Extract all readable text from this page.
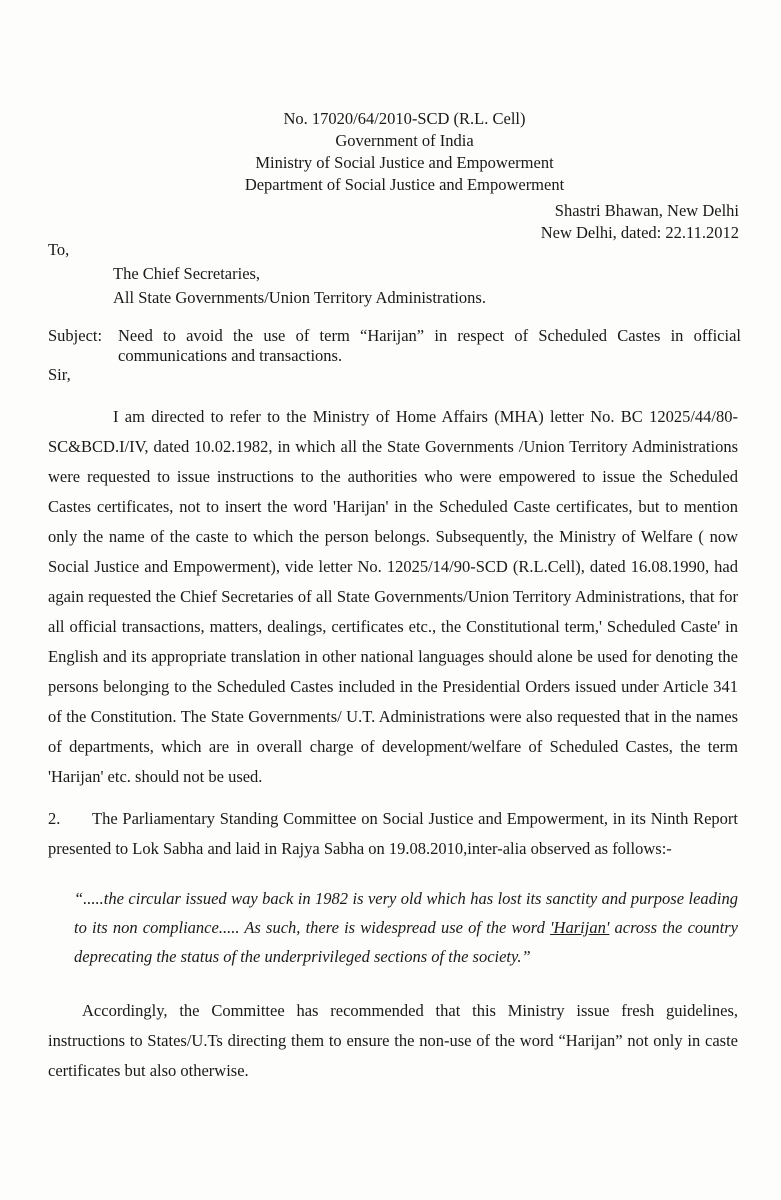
No. 17020/64/2010-SCD (R.L. Cell)
Government of India
Ministry of Social Justice and Empowerment
Department of Social Justice and Empowerment
Shastri Bhawan, New Delhi
New Delhi, dated: 22.11.2012
To,
The Chief Secretaries,
All State Governments/Union Territory Administrations.
Subject: Need to avoid the use of term “Harijan” in respect of Scheduled Castes in official communications and transactions.
Sir,
I am directed to refer to the Ministry of Home Affairs (MHA) letter No. BC 12025/44/80-SC&BCD.I/IV, dated 10.02.1982, in which all the State Governments /Union Territory Administrations were requested to issue instructions to the authorities who were empowered to issue the Scheduled Castes certificates, not to insert the word 'Harijan' in the Scheduled Caste certificates, but to mention only the name of the caste to which the person belongs. Subsequently, the Ministry of Welfare ( now Social Justice and Empowerment), vide letter No. 12025/14/90-SCD (R.L.Cell), dated 16.08.1990, had again requested the Chief Secretaries of all State Governments/Union Territory Administrations, that for all official transactions, matters, dealings, certificates etc., the Constitutional term,' Scheduled Caste' in English and its appropriate translation in other national languages should alone be used for denoting the persons belonging to the Scheduled Castes included in the Presidential Orders issued under Article 341 of the Constitution. The State Governments/ U.T. Administrations were also requested that in the names of departments, which are in overall charge of development/welfare of Scheduled Castes, the term 'Harijan' etc. should not be used.
2. The Parliamentary Standing Committee on Social Justice and Empowerment, in its Ninth Report presented to Lok Sabha and laid in Rajya Sabha on 19.08.2010,inter-alia observed as follows:-
“.....the circular issued way back in 1982 is very old which has lost its sanctity and purpose leading to its non compliance..... As such, there is widespread use of the word 'Harijan' across the country deprecating the status of the underprivileged sections of the society.”
Accordingly, the Committee has recommended that this Ministry issue fresh guidelines, instructions to States/U.Ts directing them to ensure the non-use of the word “Harijan” not only in caste certificates but also otherwise.
